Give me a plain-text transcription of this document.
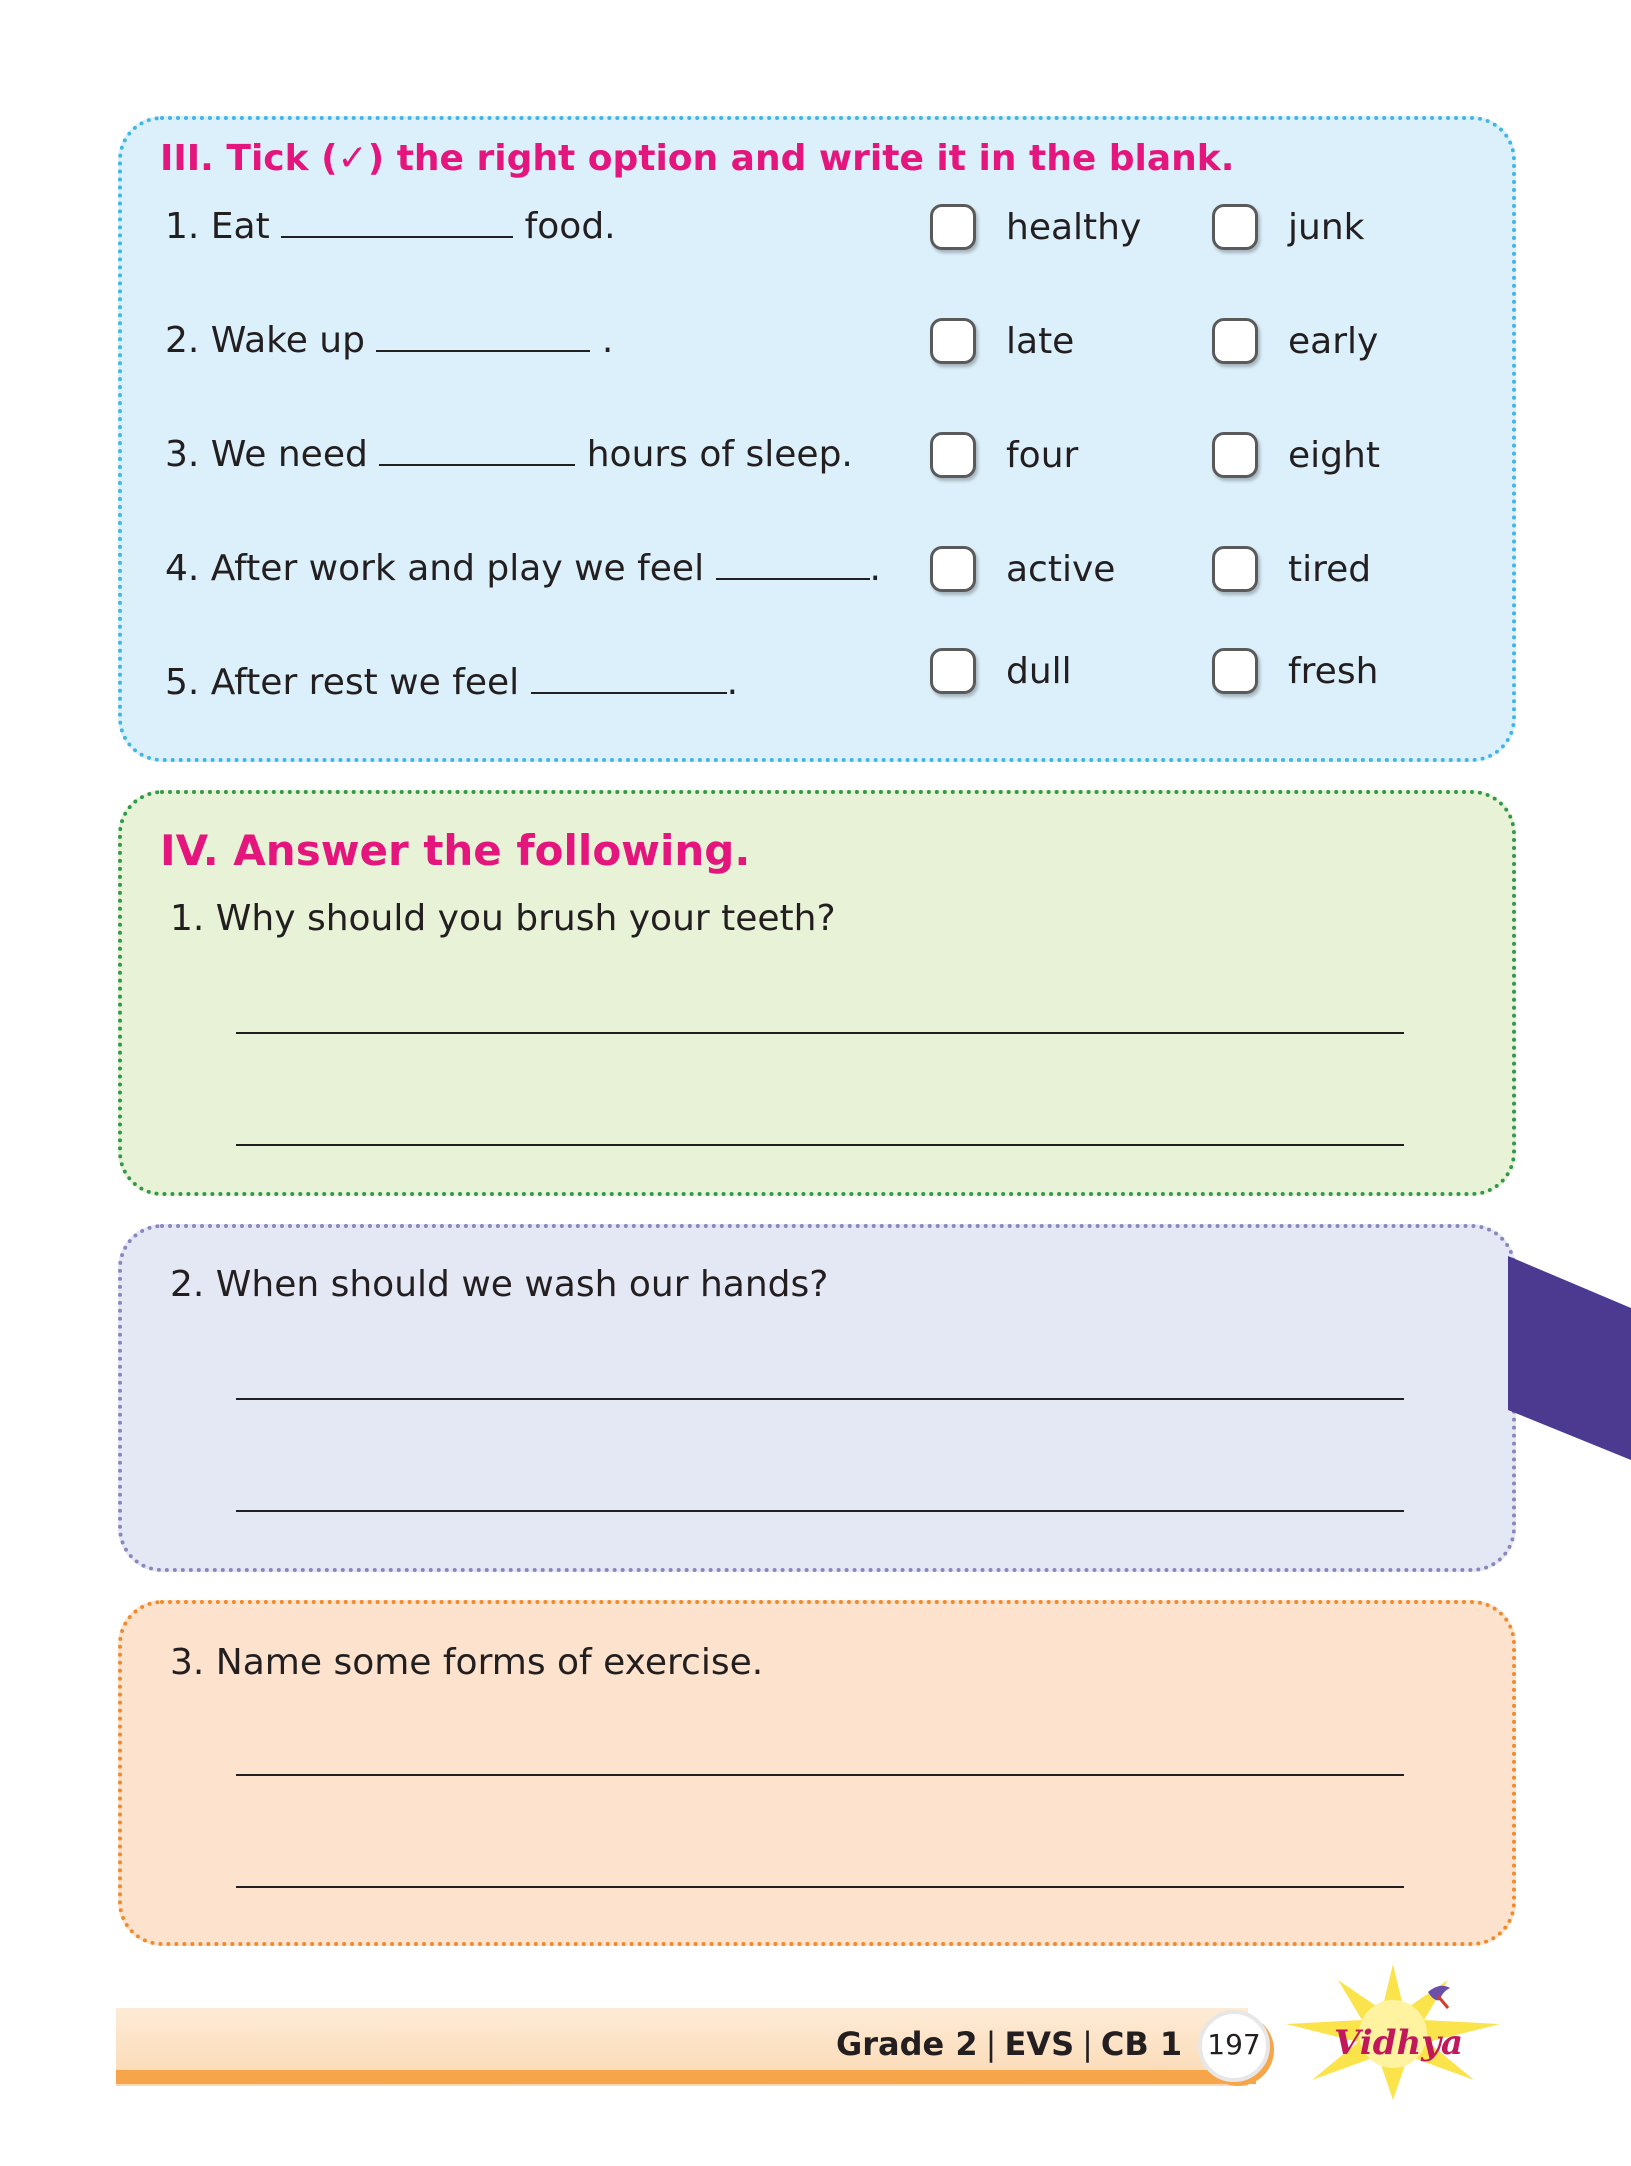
III. Tick (✓) the right option and write it in the blank.
1. Eat	food.	healthy	junk
2. Wake up	.	late	early
3. We need	hours of sleep.	four	eight
4. After work and play we feel	.	active	tired
5. After rest we feel	.	dull	fresh
IV. Answer the following.

1. Why should you brush your teeth?

2. When should we wash our hands?

3. Name some forms of exercise.

Grade 2 | EVS | CB 1 197 Vidhya
